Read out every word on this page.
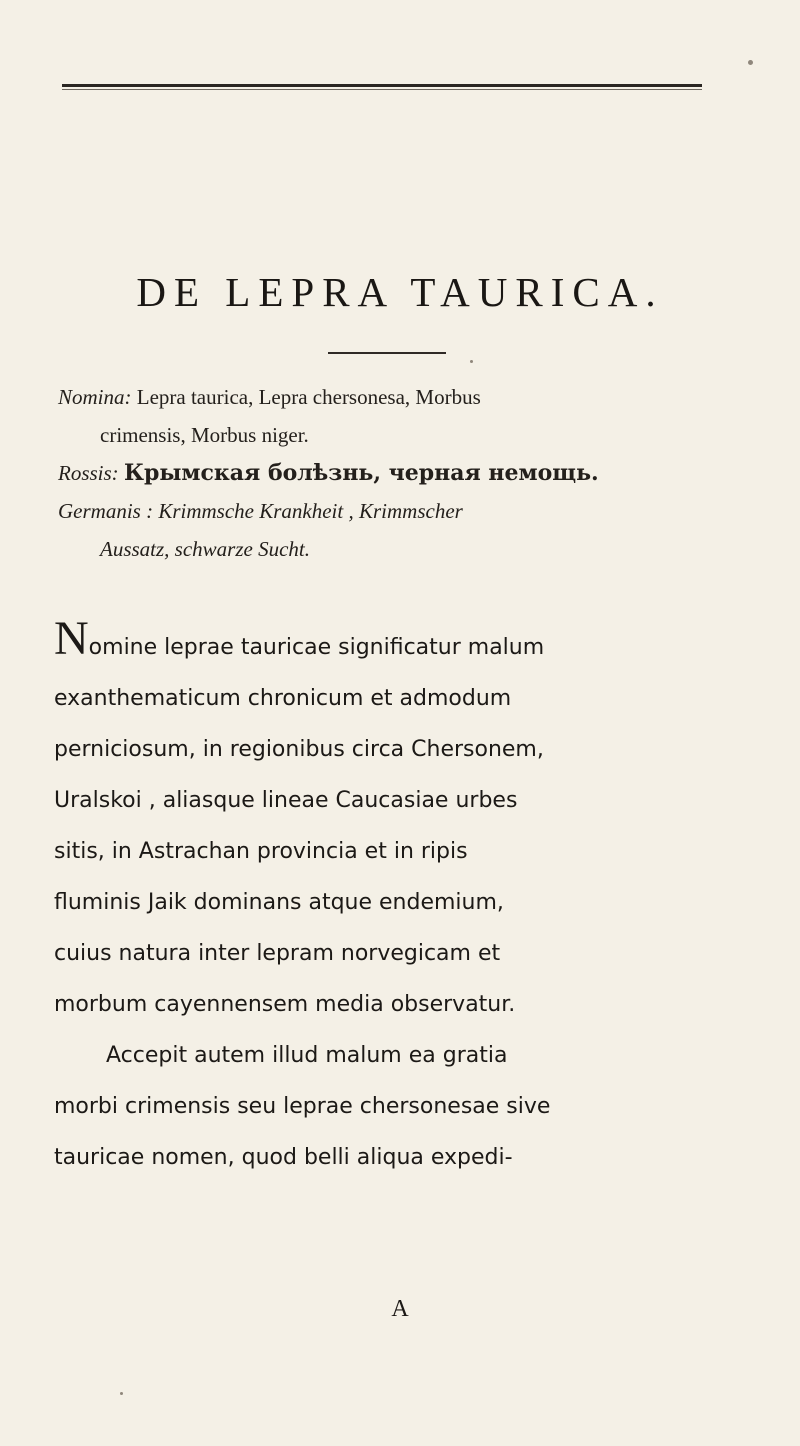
DE LEPRA TAURICA.
Nomina: Lepra taurica, Lepra chersonesa, Morbus
crimensis, Morbus niger.
Rossis: Крымская болѣзнь, черная немощь.
Germanis : Krimmsche Krankheit , Krimmscher
Aussatz, schwarze Sucht.
Nomine leprae tauricae significatur malum
exanthematicum chronicum et admodum
perniciosum, in regionibus circa Chersonem,
Uralskoi , aliasque lineae Caucasiae urbes
sitis, in Astrachan provincia et in ripis
fluminis Jaik dominans atque endemium,
cuius natura inter lepram norvegicam et
morbum cayennensem media observatur.
Accepit autem illud malum ea gratia
morbi crimensis seu leprae chersonesae sive
tauricae nomen, quod belli aliqua expedi-
A
